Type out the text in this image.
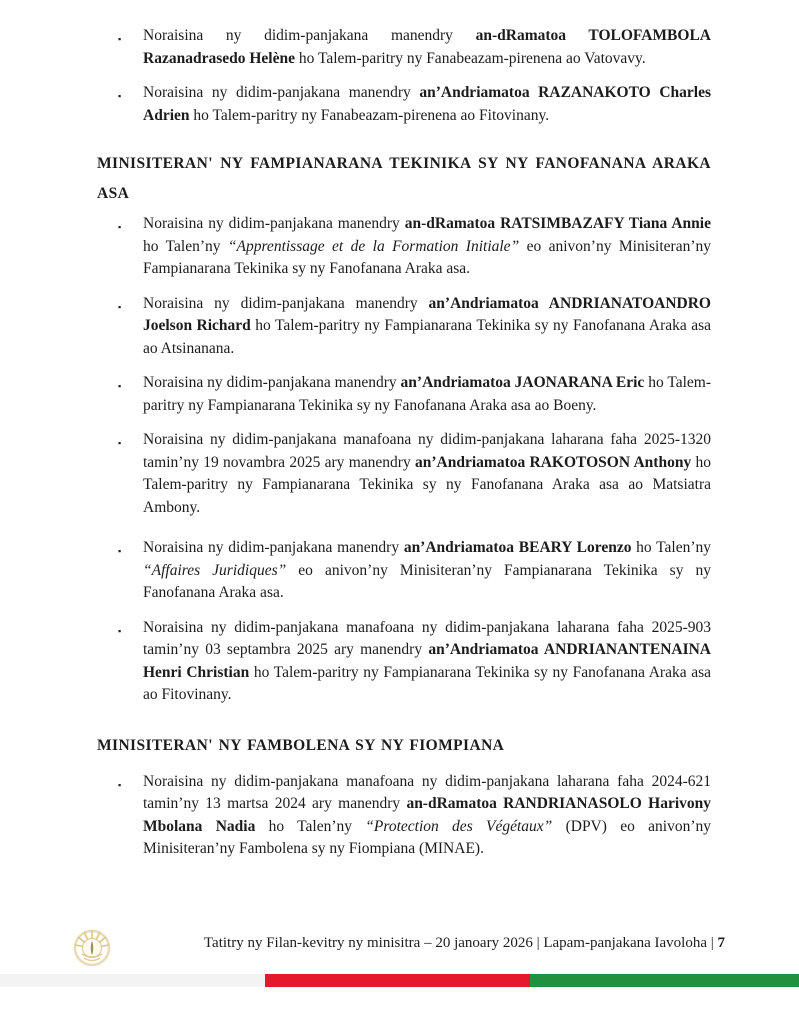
▪ Noraisina ny didim-panjakana manendry an-dRamatoa TOLOFAMBOLA Razanadrasedo Helène ho Talem-paritry ny Fanabeazam-pirenena ao Vatovavy.

▪ Noraisina ny didim-panjakana manendry an’Andriamatoa RAZANAKOTO Charles Adrien ho Talem-paritry ny Fanabeazam-pirenena ao Fitovinany.

MINISITERAN' NY FAMPIANARANA TEKINIKA SY NY FANOFANANA ARAKA ASA
▪ Noraisina ny didim-panjakana manendry an-dRamatoa RATSIMBAZAFY Tiana Annie ho Talen’ny “Apprentissage et de la Formation Initiale” eo anivon’ny Minisiteran’ny Fampianarana Tekinika sy ny Fanofanana Araka asa.

▪ Noraisina ny didim-panjakana manendry an’Andriamatoa ANDRIANATOANDRO Joelson Richard ho Talem-paritry ny Fampianarana Tekinika sy ny Fanofanana Araka asa ao Atsinanana.

▪ Noraisina ny didim-panjakana manendry an’Andriamatoa JAONARANA Eric ho Talem-paritry ny Fampianarana Tekinika sy ny Fanofanana Araka asa ao Boeny.

▪ Noraisina ny didim-panjakana manafoana ny didim-panjakana laharana faha 2025-1320 tamin’ny 19 novambra 2025 ary manendry an’Andriamatoa RAKOTOSON Anthony ho Talem-paritry ny Fampianarana Tekinika sy ny Fanofanana Araka asa ao Matsiatra Ambony.

▪ Noraisina ny didim-panjakana manendry an’Andriamatoa BEARY Lorenzo ho Talen’ny “Affaires Juridiques” eo anivon’ny Minisiteran’ny Fampianarana Tekinika sy ny Fanofanana Araka asa.

▪ Noraisina ny didim-panjakana manafoana ny didim-panjakana laharana faha 2025-903 tamin’ny 03 septambra 2025 ary manendry an’Andriamatoa ANDRIANANTENAINA Henri Christian ho Talem-paritry ny Fampianarana Tekinika sy ny Fanofanana Araka asa ao Fitovinany.

MINISITERAN' NY FAMBOLENA SY NY FIOMPIANA
▪ Noraisina ny didim-panjakana manafoana ny didim-panjakana laharana faha 2024-621 tamin’ny 13 martsa 2024 ary manendry an-dRamatoa RANDRIANASOLO Harivony Mbolana Nadia ho Talen’ny “Protection des Végétaux” (DPV) eo anivon’ny Minisiteran’ny Fambolena sy ny Fiompiana (MINAE).

Tatitry ny Filan-kevitry ny minisitra – 20 janoary 2026 | Lapam-panjakana Iavoloha | 7
